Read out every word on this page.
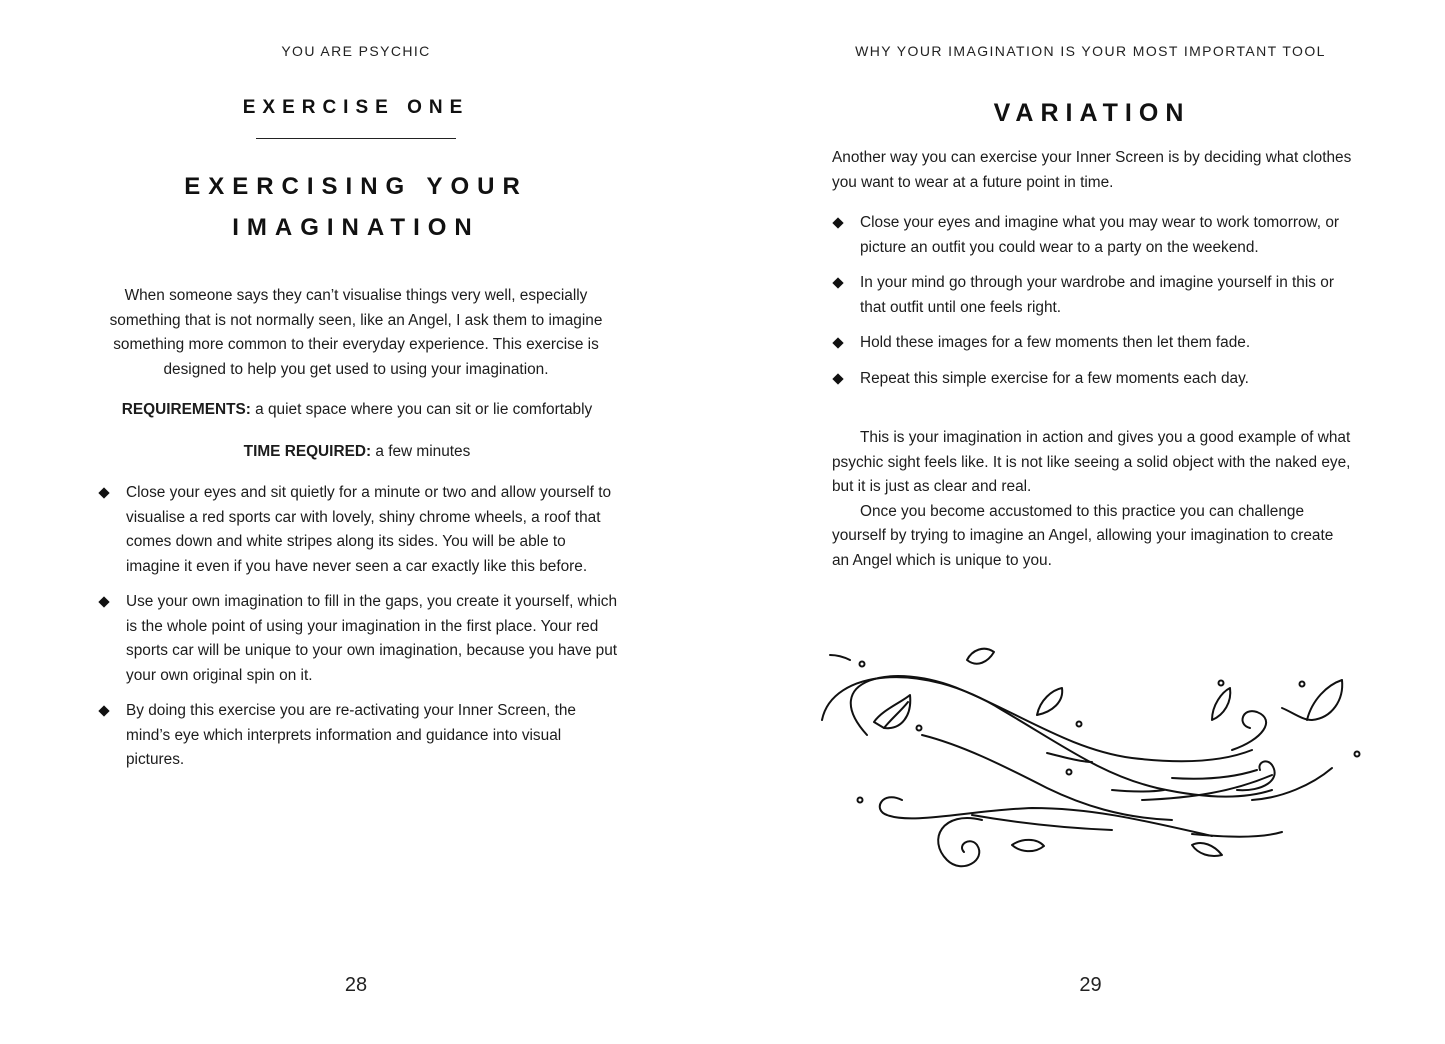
YOU ARE PSYCHIC
EXERCISE ONE
EXERCISING YOUR
IMAGINATION

When someone says they can’t visualise things very well, especially something that is not normally seen, like an Angel, I ask them to imagine something more common to their everyday experience. This exercise is designed to help you get used to using your imagination.

REQUIREMENTS: a quiet space where you can sit or lie comfortably

TIME REQUIRED: a few minutes

Close your eyes and sit quietly for a minute or two and allow yourself to visualise a red sports car with lovely, shiny chrome wheels, a roof that comes down and white stripes along its sides. You will be able to imagine it even if you have never seen a car exactly like this before.
Use your own imagination to fill in the gaps, you create it yourself, which is the whole point of using your imagination in the first place. Your red sports car will be unique to your own imagination, because you have put your own original spin on it.
By doing this exercise you are re-activating your Inner Screen, the mind’s eye which interprets information and guidance into visual pictures.
28
WHY YOUR IMAGINATION IS YOUR MOST IMPORTANT TOOL
VARIATION

Another way you can exercise your Inner Screen is by deciding what clothes you want to wear at a future point in time.

Close your eyes and imagine what you may wear to work tomorrow, or picture an outfit you could wear to a party on the weekend.
In your mind go through your wardrobe and imagine yourself in this or that outfit until one feels right.
Hold these images for a few moments then let them fade.
Repeat this simple exercise for a few moments each day.

This is your imagination in action and gives you a good example of what psychic sight feels like. It is not like seeing a solid object with the naked eye, but it is just as clear and real.

Once you become accustomed to this practice you can challenge yourself by trying to imagine an Angel, allowing your imagination to create an Angel which is unique to you.

29
